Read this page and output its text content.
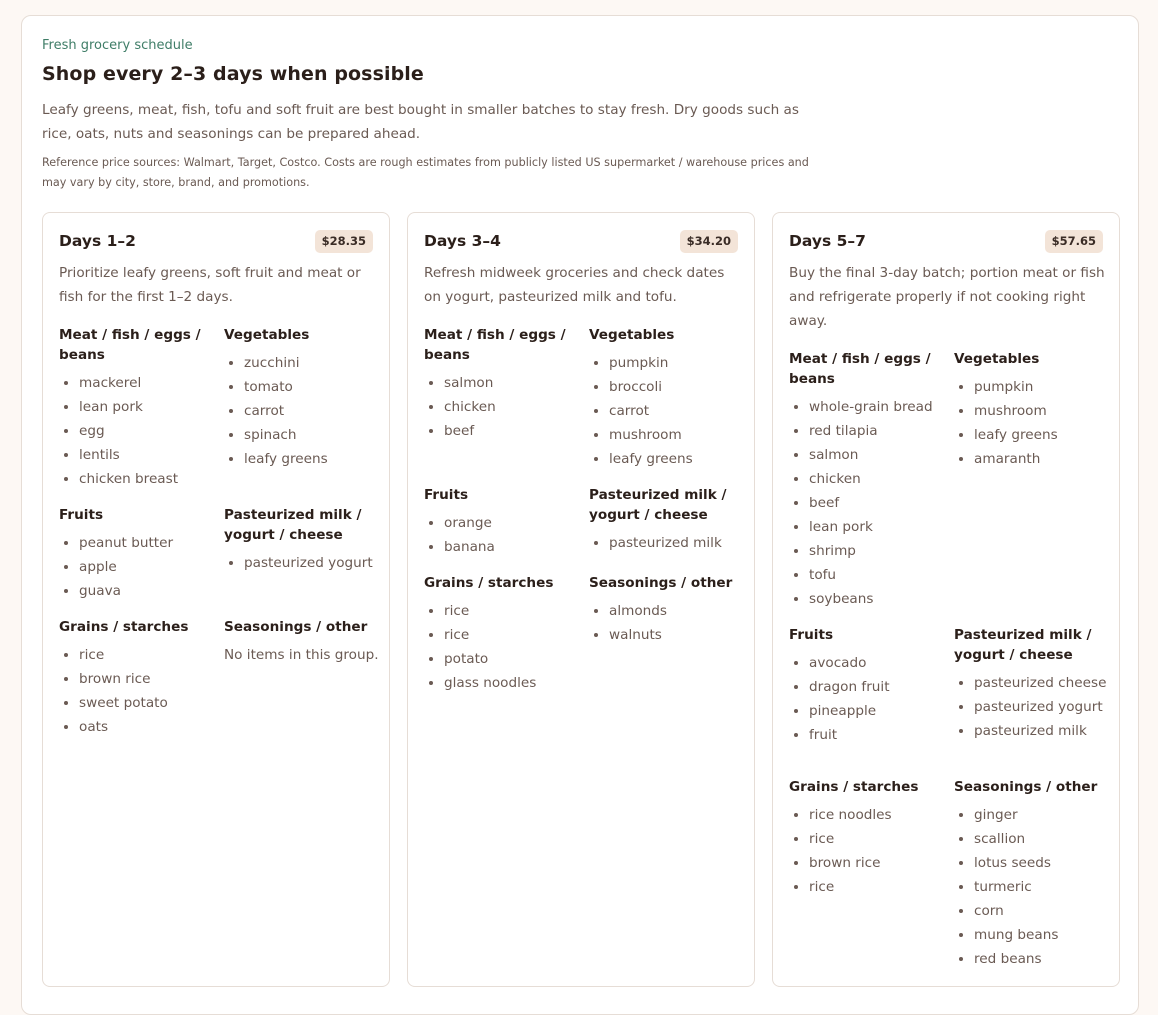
Fresh grocery schedule

Shop every 2–3 days when possible

Leafy greens, meat, fish, tofu and soft fruit are best bought in smaller batches to stay fresh. Dry goods such as rice, oats, nuts and seasonings can be prepared ahead.

Reference price sources: Walmart, Target, Costco. Costs are rough estimates from publicly listed US supermarket / warehouse prices and may vary by city, store, brand, and promotions.

Days 1–2	$28.35

Prioritize leafy greens, soft fruit and meat or fish for the first 1–2 days.

Meat / fish / eggs / beans
mackerel
lean pork
egg
lentils
chicken breast
Vegetables
zucchini
tomato
carrot
spinach
leafy greens
Fruits
peanut butter
apple
guava
Pasteurized milk / yogurt / cheese
pasteurized yogurt
Grains / starches
rice
brown rice
sweet potato
oats
Seasonings / other

No items in this group.

Days 3–4	$34.20

Refresh midweek groceries and check dates on yogurt, pasteurized milk and tofu.

Meat / fish / eggs / beans
salmon
chicken
beef
Vegetables
pumpkin
broccoli
carrot
mushroom
leafy greens
Fruits
orange
banana
Pasteurized milk / yogurt / cheese
pasteurized milk
Grains / starches
rice
rice
potato
glass noodles
Seasonings / other
almonds
walnuts
Days 5–7	$57.65

Buy the final 3-day batch; portion meat or fish and refrigerate properly if not cooking right away.

Meat / fish / eggs / beans
whole-grain bread
red tilapia
salmon
chicken
beef
lean pork
shrimp
tofu
soybeans
Vegetables
pumpkin
mushroom
leafy greens
amaranth
Fruits
avocado
dragon fruit
pineapple
fruit
Pasteurized milk / yogurt / cheese
pasteurized cheese
pasteurized yogurt
pasteurized milk
Grains / starches
rice noodles
rice
brown rice
rice
Seasonings / other
ginger
scallion
lotus seeds
turmeric
corn
mung beans
red beans
